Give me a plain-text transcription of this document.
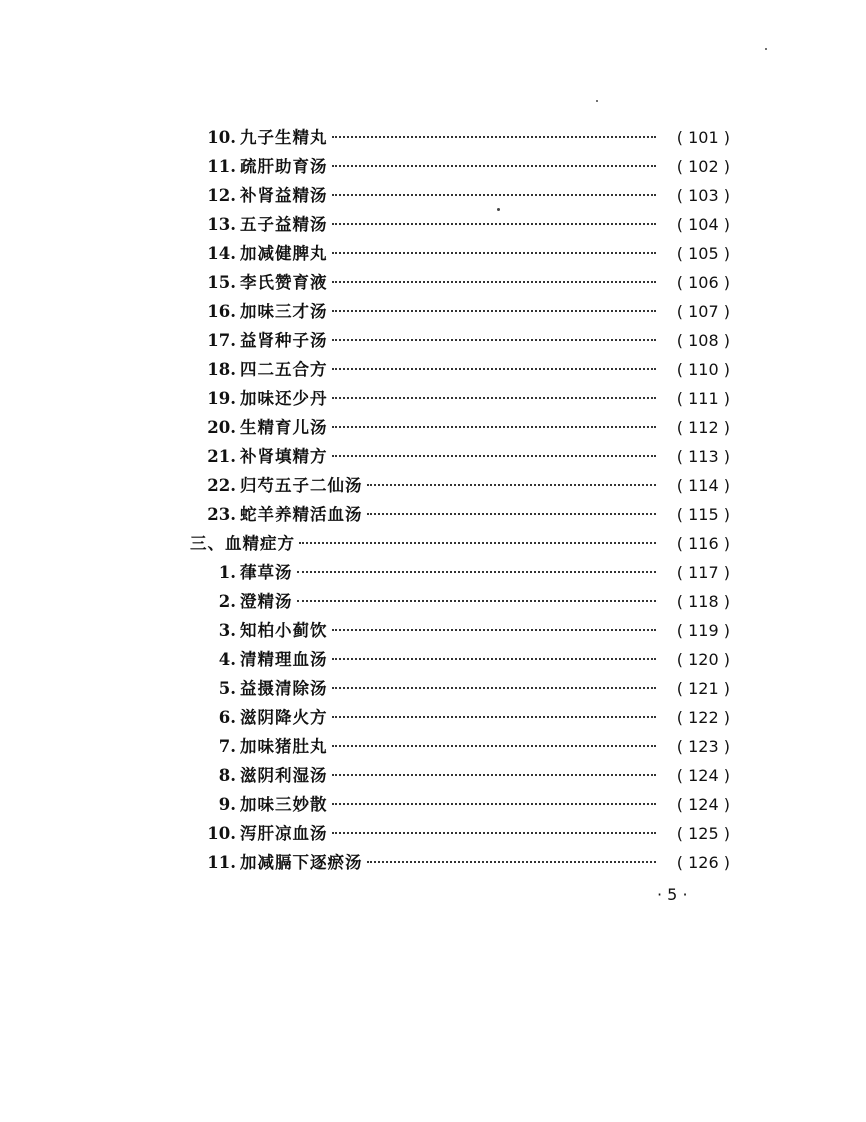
10. 九子生精丸	( 101 )
11. 疏肝助育汤	( 102 )
12. 补肾益精汤	( 103 )
13. 五子益精汤	( 104 )
14. 加减健脾丸	( 105 )
15. 李氏赞育液	( 106 )
16. 加味三才汤	( 107 )
17. 益肾种子汤	( 108 )
18. 四二五合方	( 110 )
19. 加味还少丹	( 111 )
20. 生精育儿汤	( 112 )
21. 补肾填精方	( 113 )
22. 归芍五子二仙汤	( 114 )
23. 蛇羊养精活血汤	( 115 )
三、血精症方	( 116 )
1. 葎草汤	( 117 )
2. 澄精汤	( 118 )
3. 知柏小蓟饮	( 119 )
4. 清精理血汤	( 120 )
5. 益摄清除汤	( 121 )
6. 滋阴降火方	( 122 )
7. 加味猪肚丸	( 123 )
8. 滋阴利湿汤	( 124 )
9. 加味三妙散	( 124 )
10. 泻肝凉血汤	( 125 )
11. 加减膈下逐瘀汤	( 126 )
· 5 ·
